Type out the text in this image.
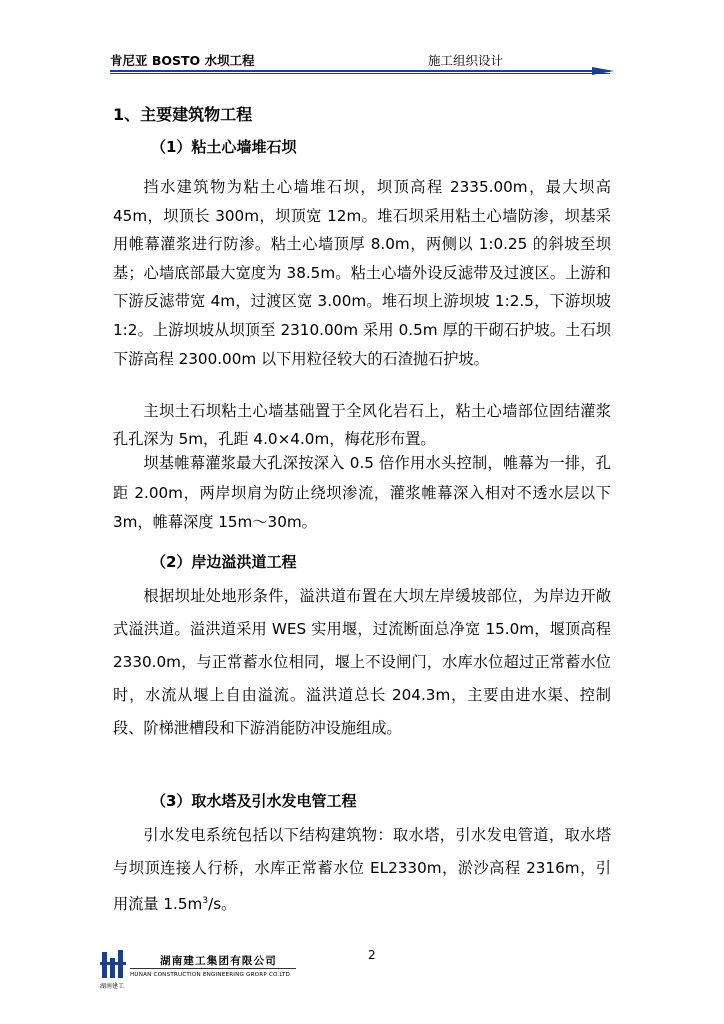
肯尼亚 BOSTO 水坝工程	施工组织设计
1、主要建筑物工程
（1）粘土心墙堆石坝
挡水建筑物为粘土心墙堆石坝，坝顶高程 2335.00m，最大坝高 45m，坝顶长 300m，坝顶宽 12m。堆石坝采用粘土心墙防渗，坝基采用帷幕灌浆进行防渗。粘土心墙顶厚 8.0m，两侧以 1:0.25 的斜坡至坝基；心墙底部最大宽度为 38.5m。粘土心墙外设反滤带及过渡区。上游和下游反滤带宽 4m，过渡区宽 3.00m。堆石坝上游坝坡 1:2.5，下游坝坡 1:2。上游坝坡从坝顶至 2310.00m 采用 0.5m 厚的干砌石护坡。土石坝下游高程 2300.00m 以下用粒径较大的石渣抛石护坡。
主坝土石坝粘土心墙基础置于全风化岩石上，粘土心墙部位固结灌浆孔孔深为 5m，孔距 4.0×4.0m，梅花形布置。
坝基帷幕灌浆最大孔深按深入 0.5 倍作用水头控制，帷幕为一排，孔距 2.00m，两岸坝肩为防止绕坝渗流，灌浆帷幕深入相对不透水层以下 3m，帷幕深度 15m～30m。
（2）岸边溢洪道工程
根据坝址处地形条件，溢洪道布置在大坝左岸缓坡部位，为岸边开敞式溢洪道。溢洪道采用 WES 实用堰，过流断面总净宽 15.0m，堰顶高程 2330.0m，与正常蓄水位相同，堰上不设闸门，水库水位超过正常蓄水位时，水流从堰上自由溢流。溢洪道总长 204.3m，主要由进水渠、控制段、阶梯泄槽段和下游消能防冲设施组成。
（3）取水塔及引水发电管工程
引水发电系统包括以下结构建筑物：取水塔，引水发电管道，取水塔与坝顶连接人行桥，水库正常蓄水位 EL2330m，淤沙高程 2316m，引用流量 $1.5m^3/s$。
湖南建工集团有限公司
HUNAN CONSTRUCTION ENGINEERING GRORP CO.LTD
湖南建工
2
